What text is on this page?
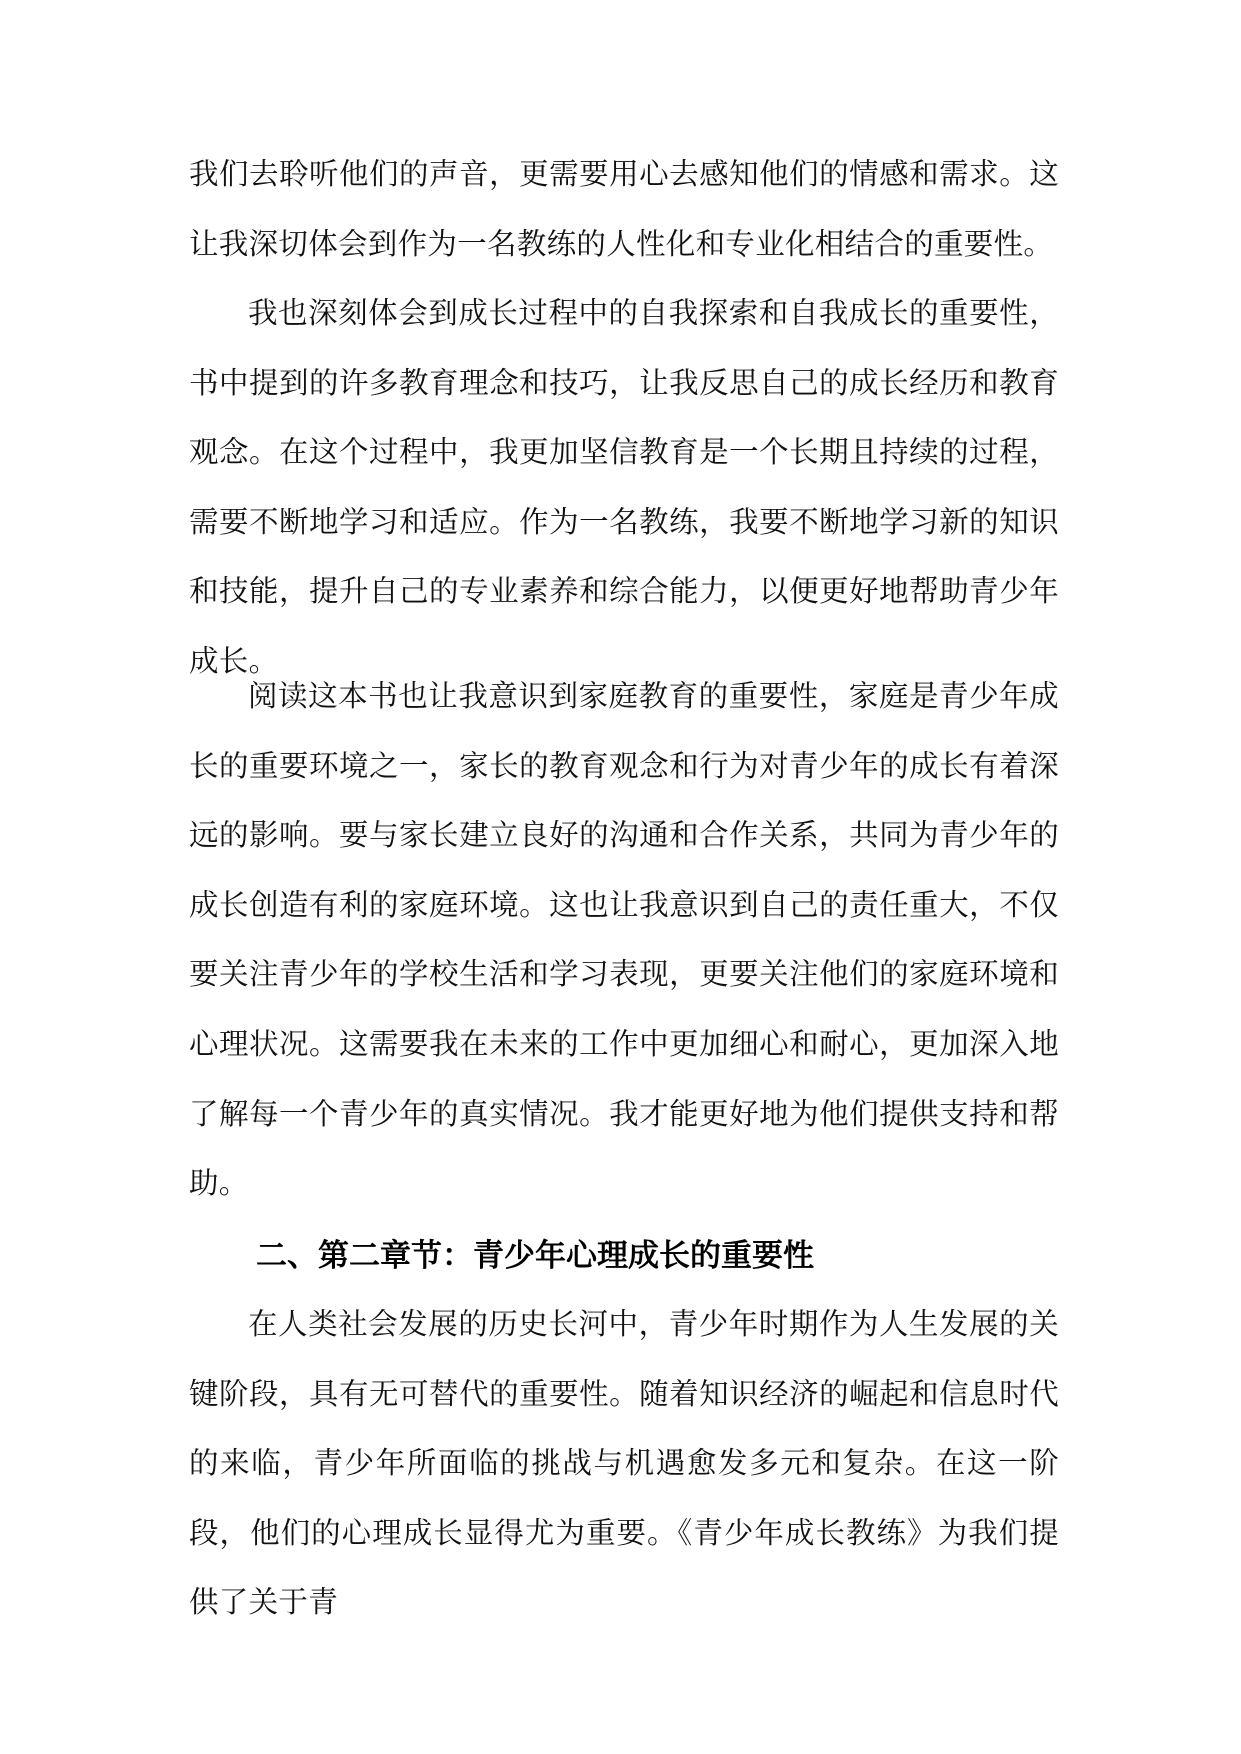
我们去聆听他们的声音，更需要用心去感知他们的情感和需求。这让我深切体会到作为一名教练的人性化和专业化相结合的重要性。

我也深刻体会到成长过程中的自我探索和自我成长的重要性，书中提到的许多教育理念和技巧，让我反思自己的成长经历和教育观念。在这个过程中，我更加坚信教育是一个长期且持续的过程，需要不断地学习和适应。作为一名教练，我要不断地学习新的知识和技能，提升自己的专业素养和综合能力，以便更好地帮助青少年成长。

阅读这本书也让我意识到家庭教育的重要性，家庭是青少年成长的重要环境之一，家长的教育观念和行为对青少年的成长有着深远的影响。要与家长建立良好的沟通和合作关系，共同为青少年的成长创造有利的家庭环境。这也让我意识到自己的责任重大，不仅要关注青少年的学校生活和学习表现，更要关注他们的家庭环境和心理状况。这需要我在未来的工作中更加细心和耐心，更加深入地了解每一个青少年的真实情况。我才能更好地为他们提供支持和帮助。

二、第二章节：青少年心理成长的重要性

在人类社会发展的历史长河中，青少年时期作为人生发展的关键阶段，具有无可替代的重要性。随着知识经济的崛起和信息时代的来临，青少年所面临的挑战与机遇愈发多元和复杂。在这一阶段，他们的心理成长显得尤为重要。《青少年成长教练》为我们提供了关于青
